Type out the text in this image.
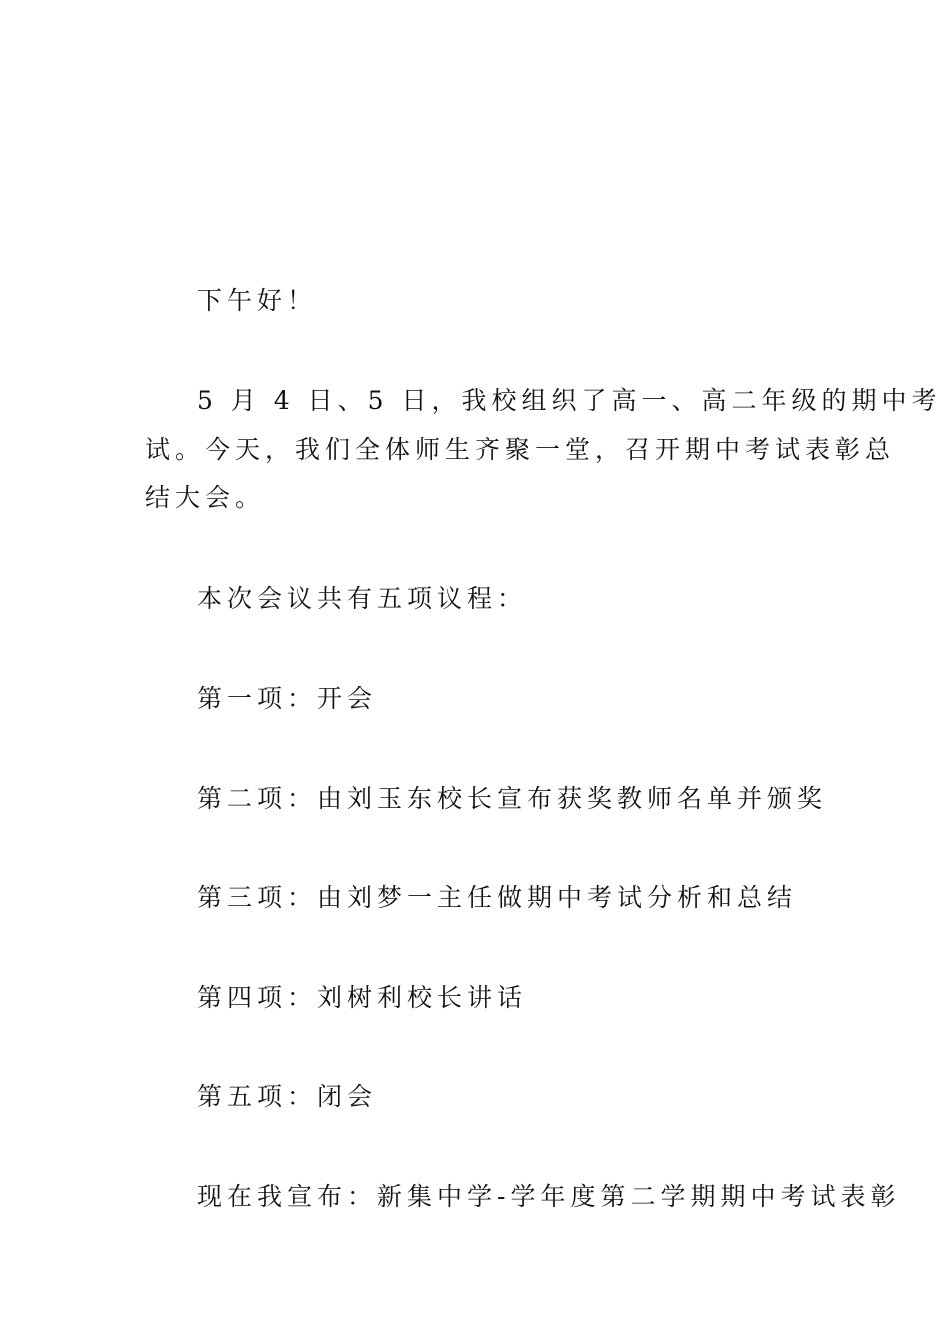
下午好！

5 月 4 日、5 日，我校组织了高一、高二年级的期中考

试。今天，我们全体师生齐聚一堂，召开期中考试表彰总

结大会。

本次会议共有五项议程：

第一项：开会

第二项：由刘玉东校长宣布获奖教师名单并颁奖

第三项：由刘梦一主任做期中考试分析和总结

第四项：刘树利校长讲话

第五项：闭会

现在我宣布：新集中学-学年度第二学期期中考试表彰
